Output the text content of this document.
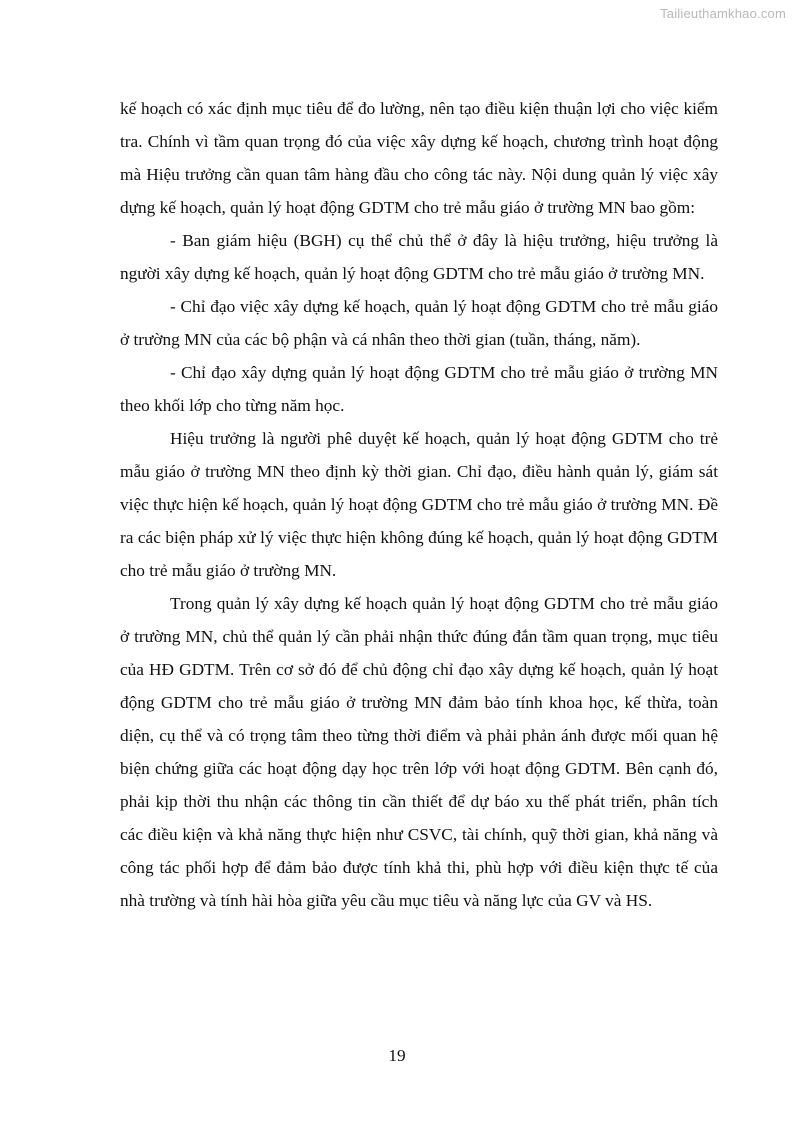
Tailieuthamkhao.com

kế hoạch có xác định mục tiêu để đo lường, nên tạo điều kiện thuận lợi cho việc kiểm tra. Chính vì tầm quan trọng đó của việc xây dựng kế hoạch, chương trình hoạt động mà Hiệu trưởng cần quan tâm hàng đầu cho công tác này. Nội dung quản lý việc xây dựng kế hoạch, quản lý hoạt động GDTM cho trẻ mẫu giáo ở trường MN bao gồm:

- Ban giám hiệu (BGH) cụ thể chủ thể ở đây là hiệu trưởng, hiệu trưởng là người xây dựng kế hoạch, quản lý hoạt động GDTM cho trẻ mẫu giáo ở trường MN.

- Chỉ đạo việc xây dựng kế hoạch, quản lý hoạt động GDTM cho trẻ mẫu giáo ở trường MN của các bộ phận và cá nhân theo thời gian (tuần, tháng, năm).

- Chỉ đạo xây dựng quản lý hoạt động GDTM cho trẻ mẫu giáo ở trường MN theo khối lớp cho từng năm học.

Hiệu trưởng là người phê duyệt kế hoạch, quản lý hoạt động GDTM cho trẻ mẫu giáo ở trường MN theo định kỳ thời gian. Chỉ đạo, điều hành quản lý, giám sát việc thực hiện kế hoạch, quản lý hoạt động GDTM cho trẻ mẫu giáo ở trường MN. Đề ra các biện pháp xử lý việc thực hiện không đúng kế hoạch, quản lý hoạt động GDTM cho trẻ mẫu giáo ở trường MN.

Trong quản lý xây dựng kế hoạch quản lý hoạt động GDTM cho trẻ mẫu giáo ở trường MN, chủ thể quản lý cần phải nhận thức đúng đắn tầm quan trọng, mục tiêu của HĐ GDTM. Trên cơ sở đó để chủ động chỉ đạo xây dựng kế hoạch, quản lý hoạt động GDTM cho trẻ mẫu giáo ở trường MN đảm bảo tính khoa học, kế thừa, toàn diện, cụ thể và có trọng tâm theo từng thời điểm và phải phản ánh được mối quan hệ biện chứng giữa các hoạt động dạy học trên lớp với hoạt động GDTM. Bên cạnh đó, phải kịp thời thu nhận các thông tin cần thiết để dự báo xu thế phát triển, phân tích các điều kiện và khả năng thực hiện như CSVC, tài chính, quỹ thời gian, khả năng và công tác phối hợp để đảm bảo được tính khả thi, phù hợp với điều kiện thực tế của nhà trường và tính hài hòa giữa yêu cầu mục tiêu và năng lực của GV và HS.

19
